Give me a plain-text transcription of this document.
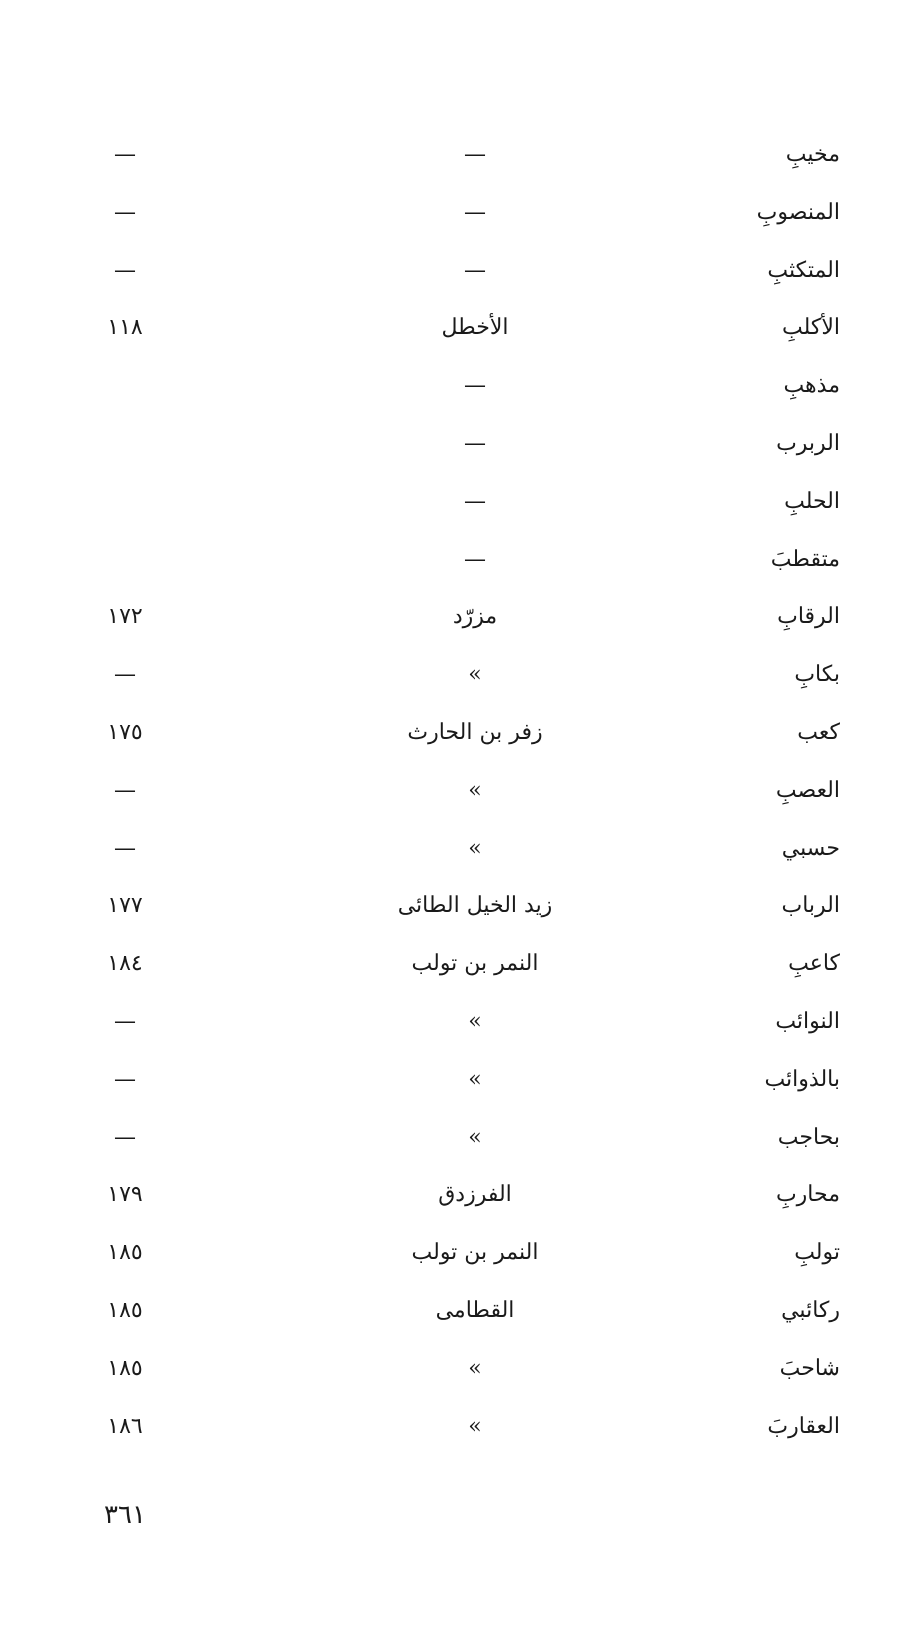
مخيبِ
—
—
المنصوبِ
—
—
المتكثبِ
—
—
الأكلبِ
الأخطل
١١٨
مذهبِ
—
الربرب
—
الحلبِ
—
متقطبَ
—
الرقابِ
مزرّد
١٧٢
بكابِ
»
—
كعب
زفر بن الحارث
١٧٥
العصبِ
»
—
حسبي
»
—
الرباب
زيد الخيل الطائى
١٧٧
كاعبِ
النمر بن تولب
١٨٤
النوائب
»
—
بالذوائب
»
—
بحاجب
»
—
محاربِ
الفرزدق
١٧٩
تولبِ
النمر بن تولب
١٨٥
ركائبي
القطامى
١٨٥
شاحبَ
»
١٨٥
العقاربَ
»
١٨٦
٣٦١
